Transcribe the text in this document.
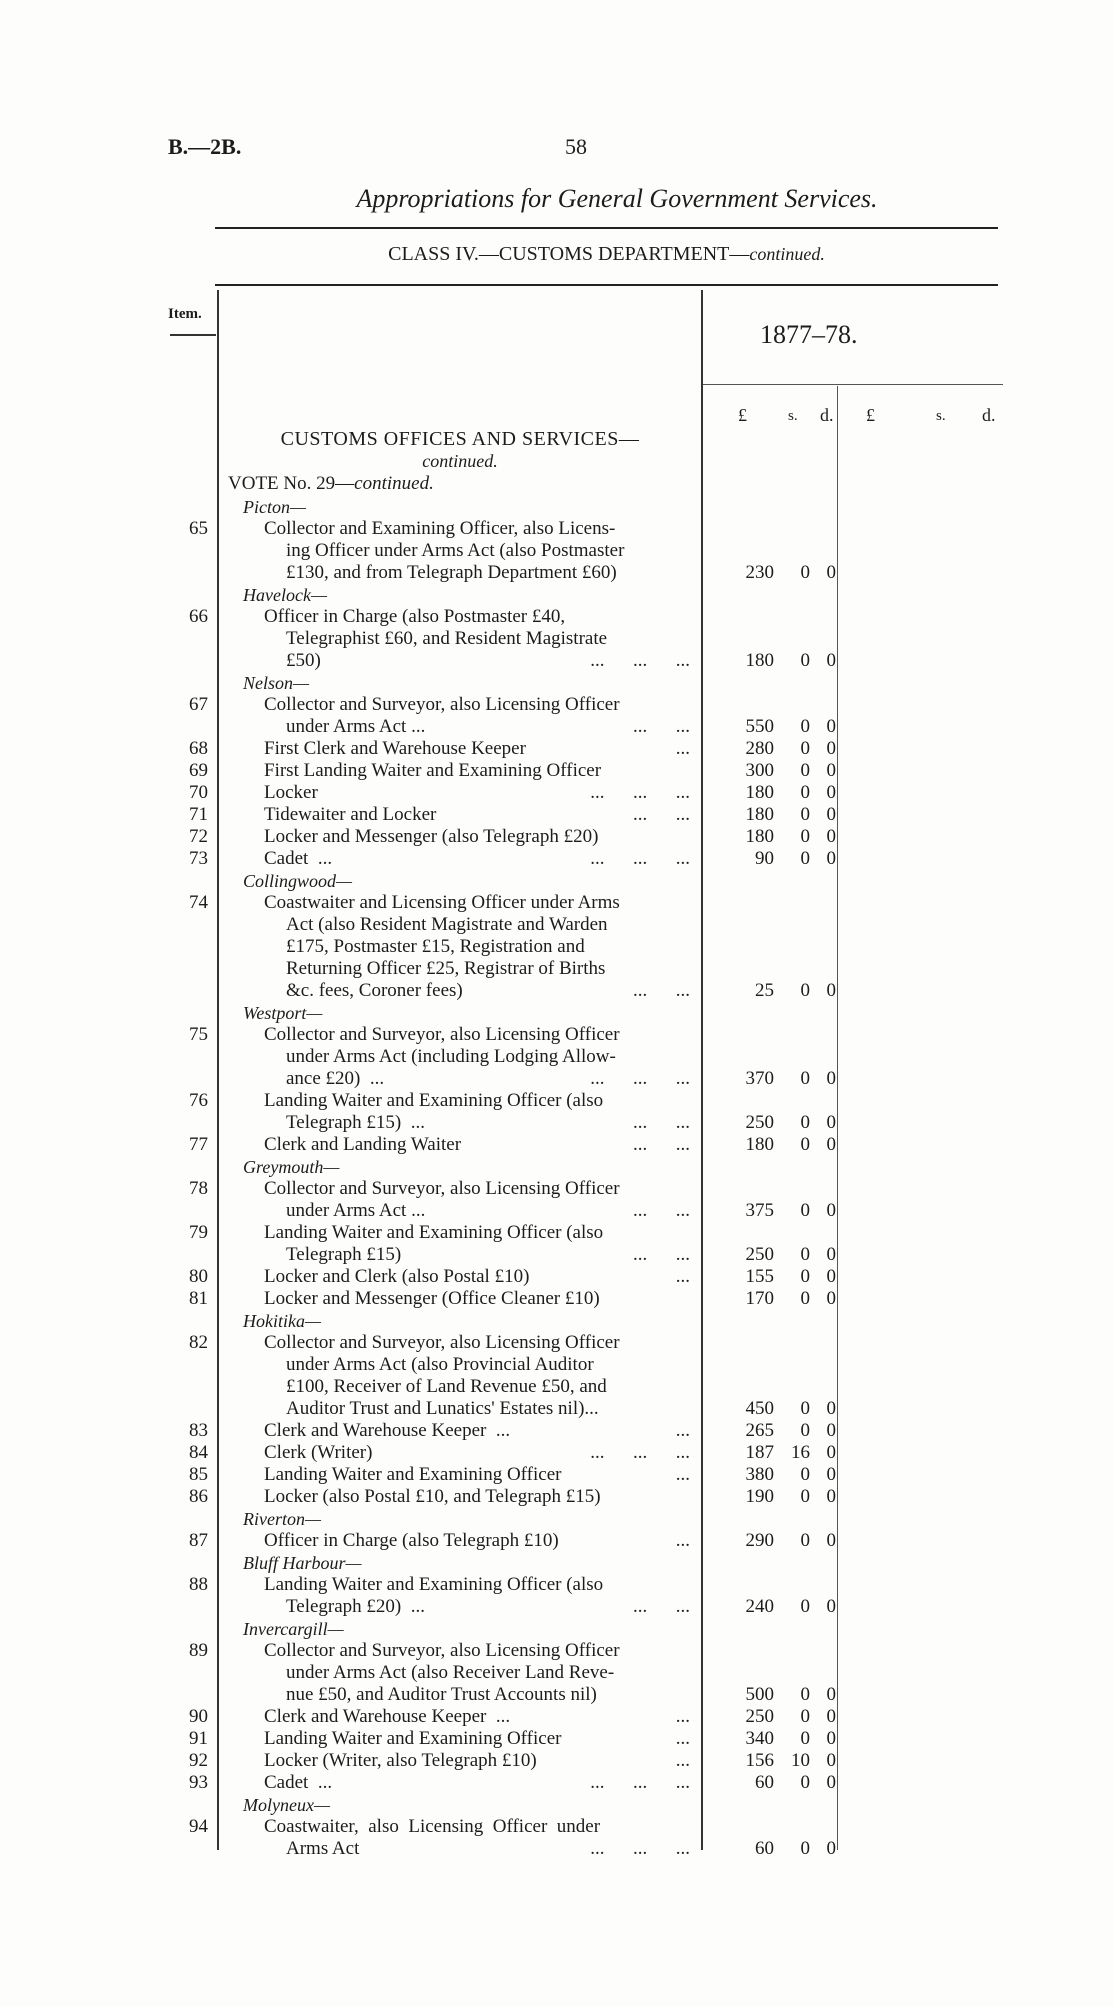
B.—2B.	58
Appropriations for General Government Services.
CLASS IV.—CUSTOMS DEPARTMENT—continued.
Item.
1877–78.
£	s. d. £	s. d.
CUSTOMS OFFICES AND SERVICES—
continued.
VOTE No. 29—continued.
Picton—
65	Collector and Examining Officer, also Licens-
ing Officer under Arms Act (also Postmaster
£130, and from Telegraph Department £60)	230	0 0
Havelock—
66	Officer in Charge (also Postmaster £40,
Telegraphist £60, and Resident Magistrate
£50)	...      ...      ...	180	0 0
Nelson—
67	Collector and Surveyor, also Licensing Officer
under Arms Act ...	...      ...	550	0 0
68	First Clerk and Warehouse Keeper	...	280	0 0
69	First Landing Waiter and Examining Officer	300	0 0
70	Locker	...      ...      ...	180	0 0
71	Tidewaiter and Locker	...      ...	180	0 0
72	Locker and Messenger (also Telegraph £20)	180	0 0
73	Cadet  ...	...      ...      ...	90	0 0
Collingwood—
74	Coastwaiter and Licensing Officer under Arms
Act (also Resident Magistrate and Warden
£175, Postmaster £15, Registration and
Returning Officer £25, Registrar of Births
&c. fees, Coroner fees)	...      ...	25	0 0
Westport—
75	Collector and Surveyor, also Licensing Officer
under Arms Act (including Lodging Allow-
ance £20)  ...	...      ...      ...	370	0 0
76	Landing Waiter and Examining Officer (also
Telegraph £15)  ...	...      ...	250	0 0
77	Clerk and Landing Waiter	...      ...	180	0 0
Greymouth—
78	Collector and Surveyor, also Licensing Officer
under Arms Act ...	...      ...	375	0 0
79	Landing Waiter and Examining Officer (also
Telegraph £15)	...      ...	250	0 0
80	Locker and Clerk (also Postal £10)	...	155	0 0
81	Locker and Messenger (Office Cleaner £10)	170	0 0
Hokitika—
82	Collector and Surveyor, also Licensing Officer
under Arms Act (also Provincial Auditor
£100, Receiver of Land Revenue £50, and
Auditor Trust and Lunatics' Estates nil)...	450	0 0
83	Clerk and Warehouse Keeper  ...	...	265	0 0
84	Clerk (Writer)	...      ...      ...	187 16 0
85	Landing Waiter and Examining Officer	...	380	0 0
86	Locker (also Postal £10, and Telegraph £15)	190	0 0
Riverton—
87	Officer in Charge (also Telegraph £10)	...	290	0 0
Bluff Harbour—
88	Landing Waiter and Examining Officer (also
Telegraph £20)  ...	...      ...	240	0 0
Invercargill—
89	Collector and Surveyor, also Licensing Officer
under Arms Act (also Receiver Land Reve-
nue £50, and Auditor Trust Accounts nil)	500	0 0
90	Clerk and Warehouse Keeper  ...	...	250	0 0
91	Landing Waiter and Examining Officer	...	340	0 0
92	Locker (Writer, also Telegraph £10)	...	156 10 0
93	Cadet  ...	...      ...      ...	60	0 0
Molyneux—
94	Coastwaiter,  also  Licensing  Officer  under
Arms Act	...      ...      ...	60	0 0
